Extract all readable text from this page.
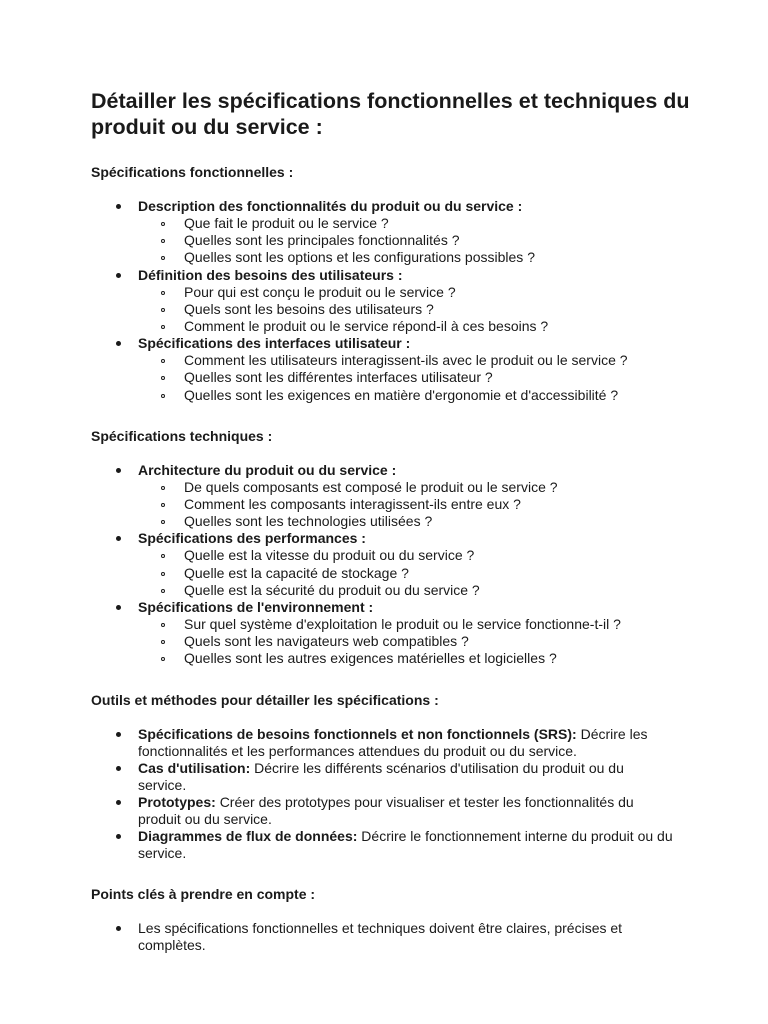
Détailler les spécifications fonctionnelles et techniques du produit ou du service :
Spécifications fonctionnelles :
Description des fonctionnalités du produit ou du service :
Que fait le produit ou le service ?
Quelles sont les principales fonctionnalités ?
Quelles sont les options et les configurations possibles ?
Définition des besoins des utilisateurs :
Pour qui est conçu le produit ou le service ?
Quels sont les besoins des utilisateurs ?
Comment le produit ou le service répond-il à ces besoins ?
Spécifications des interfaces utilisateur :
Comment les utilisateurs interagissent-ils avec le produit ou le service ?
Quelles sont les différentes interfaces utilisateur ?
Quelles sont les exigences en matière d'ergonomie et d'accessibilité ?
Spécifications techniques :
Architecture du produit ou du service :
De quels composants est composé le produit ou le service ?
Comment les composants interagissent-ils entre eux ?
Quelles sont les technologies utilisées ?
Spécifications des performances :
Quelle est la vitesse du produit ou du service ?
Quelle est la capacité de stockage ?
Quelle est la sécurité du produit ou du service ?
Spécifications de l'environnement :
Sur quel système d'exploitation le produit ou le service fonctionne-t-il ?
Quels sont les navigateurs web compatibles ?
Quelles sont les autres exigences matérielles et logicielles ?
Outils et méthodes pour détailler les spécifications :
Spécifications de besoins fonctionnels et non fonctionnels (SRS): Décrire les fonctionnalités et les performances attendues du produit ou du service.
Cas d'utilisation: Décrire les différents scénarios d'utilisation du produit ou du service.
Prototypes: Créer des prototypes pour visualiser et tester les fonctionnalités du produit ou du service.
Diagrammes de flux de données: Décrire le fonctionnement interne du produit ou du service.
Points clés à prendre en compte :
Les spécifications fonctionnelles et techniques doivent être claires, précises et complètes.
